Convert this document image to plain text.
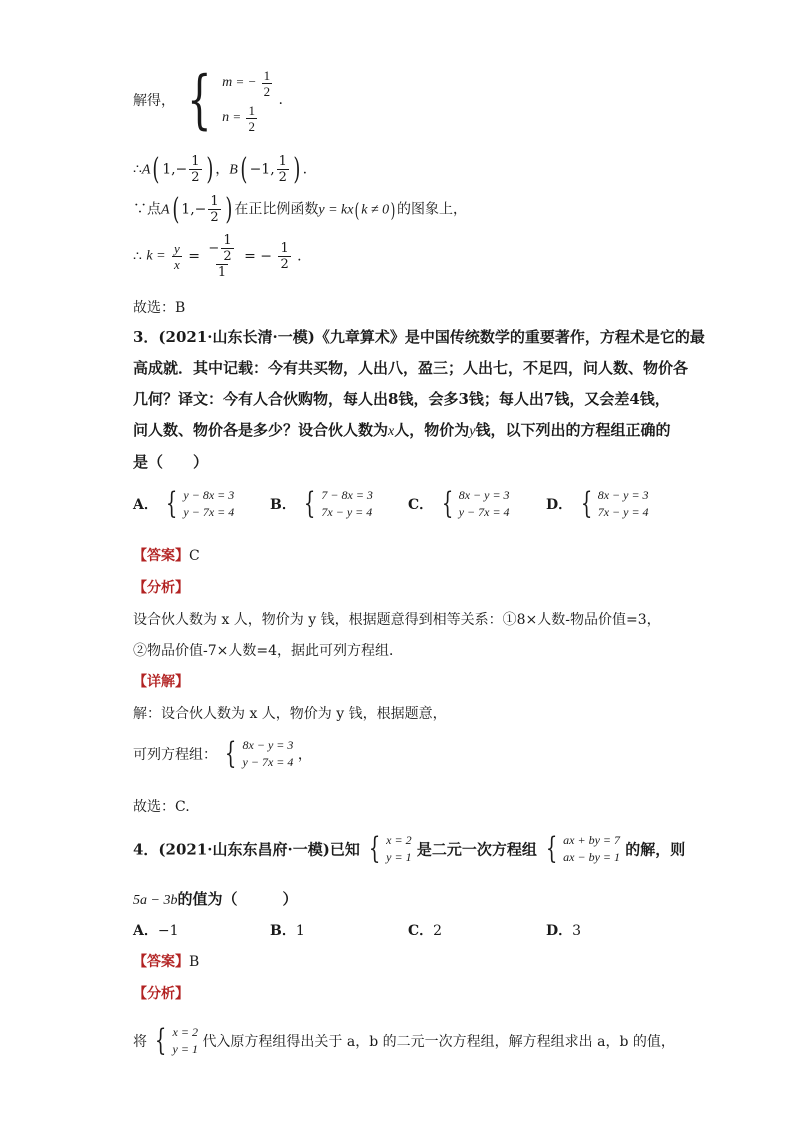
解得， { m = − $\frac{1}{2}$
$n = \frac{1}{2}$
.
∴A( $1,- \frac{1}{2}$ ) ，B( −1, $\frac{1}{2}$ ) .
∵点A( $1,- \frac{1}{2}$ ) 在正比例函数y = kx( k ≠ 0) 的图象上，
∴ $k = \frac{y}{x} = \frac{- \frac{1}{2}}{1}$ = − $\frac{1}{2}$ .
故选：B
3．(2021·山东长清·一模)《九章算术》是中国传统数学的重要著作，方程术是它的最
高成就．其中记载：今有共买物，人出八，盈三；人出七，不足四，问人数、物价各
几何？译文：今有人合伙购物，每人出8钱，会多3钱；每人出7钱，又会差4钱，
问人数、物价各是多少？设合伙人数为x人，物价为y钱，以下列出的方程组正确的
是（　　）
A． { y − 8x = 3
y − 7x = 4	B． { 7 − 8x = 3
7x − y = 4	C． { 8x − y = 3
y − 7x = 4	D． { 8x − y = 3
7x − y = 4
【答案】C
【分析】
设合伙人数为 x 人，物价为 y 钱，根据题意得到相等关系：①8×人数-物品价值=3，
②物品价值-7×人数=4，据此可列方程组．
【详解】
解：设合伙人数为 x 人，物价为 y 钱，根据题意，
可列方程组： { 8x − y = 3
y − 7x = 4 ，
故选：C.
4．(2021·山东东昌府·一模)已知 { x = 2
y = 1 是二元一次方程组 { ax + by = 7
ax − by = 1 的解，则
5a − 3b的值为（　　　）
A．−1	B．1	C．2	D．3
【答案】B
【分析】
将 { x = 2
y = 1 代入原方程组得出关于 a，b 的二元一次方程组，解方程组求出 a，b 的值，
